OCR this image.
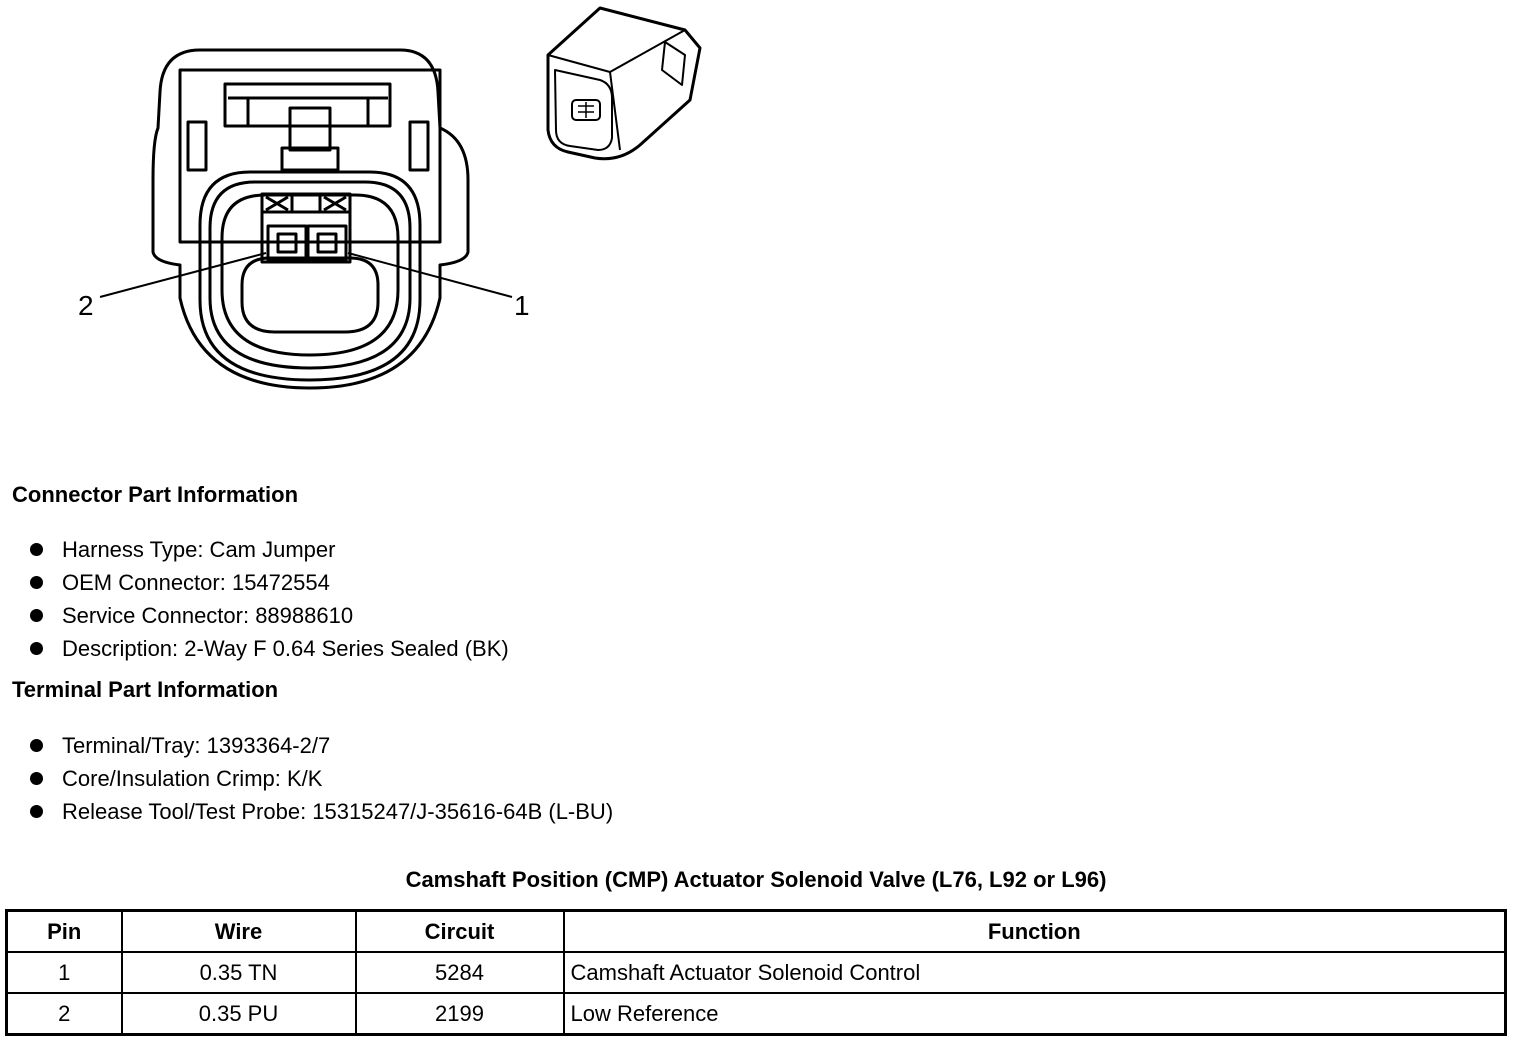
2	1
Connector Part Information
Harness Type: Cam Jumper
OEM Connector: 15472554
Service Connector: 88988610
Description: 2-Way F 0.64 Series Sealed (BK)
Terminal Part Information
Terminal/Tray: 1393364-2/7
Core/Insulation Crimp: K/K
Release Tool/Test Probe: 15315247/J-35616-64B (L-BU)
Camshaft Position (CMP) Actuator Solenoid Valve (L76, L92 or L96)
Pin	Wire	Circuit	Function
1	0.35 TN	5284	Camshaft Actuator Solenoid Control
2	0.35 PU	2199	Low Reference
